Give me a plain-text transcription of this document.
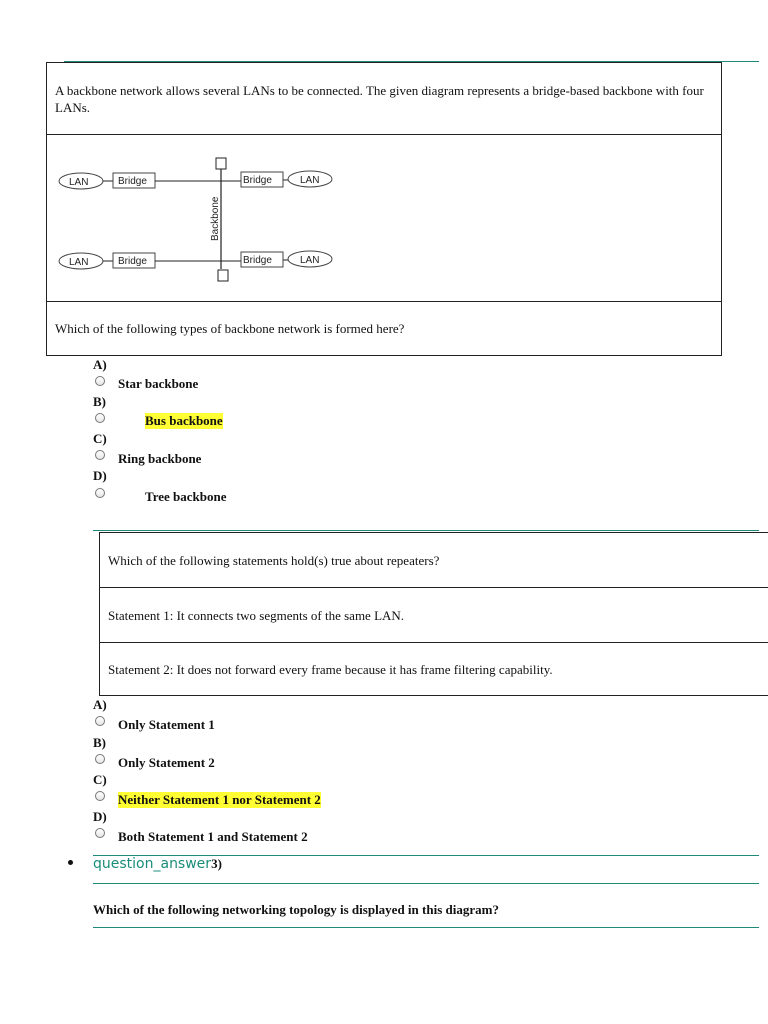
A backbone network allows several LANs to be connected. The given diagram represents a bridge-based backbone with four LANs.
LAN	Bridge	Bridge	LAN
Backbone
LAN	Bridge	Bridge	LAN
Which of the following types of backbone network is formed here?
A)
Star backbone
B)
Bus backbone
C)
Ring backbone
D)
Tree backbone
Which of the following statements hold(s) true about repeaters?
Statement 1: It connects two segments of the same LAN.
Statement 2: It does not forward every frame because it has frame filtering capability.
A)
Only Statement 1
B)
Only Statement 2
C)
Neither Statement 1 nor Statement 2
D)
Both Statement 1 and Statement 2
question_answer3)
Which of the following networking topology is displayed in this diagram?
